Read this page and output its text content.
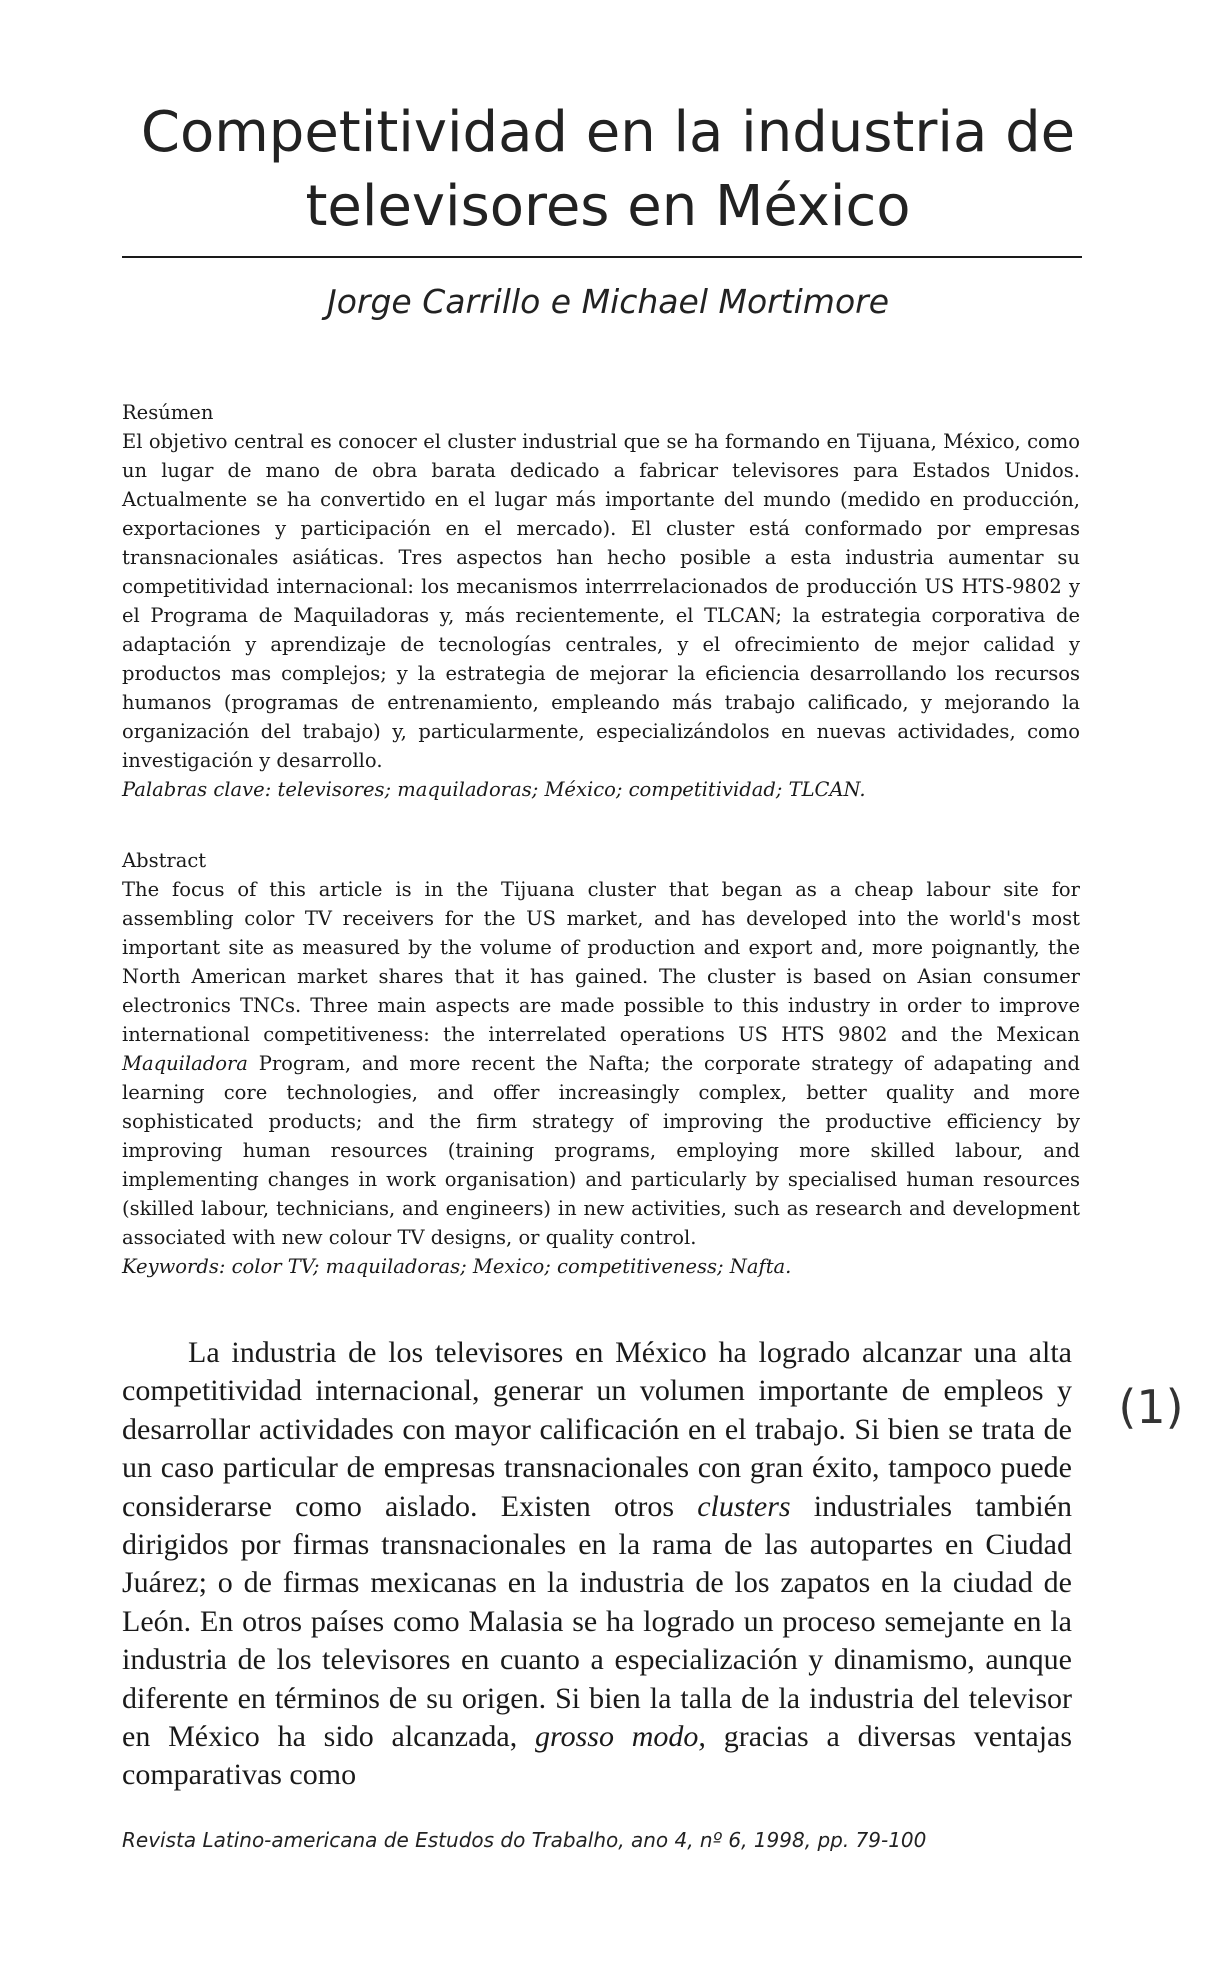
Competitividad en la industria de televisores en México
Jorge Carrillo e Michael Mortimore
Resúmen

El objetivo central es conocer el cluster industrial que se ha formando en Tijuana, México, como un lugar de mano de obra barata dedicado a fabricar televisores para Estados Unidos. Actualmente se ha convertido en el lugar más importante del mundo (medido en producción, exportaciones y participación en el mercado). El cluster está conformado por empresas transnacionales asiáticas. Tres aspectos han hecho posible a esta industria aumentar su competitividad internacional: los mecanismos interrrelacionados de producción US HTS-9802 y el Programa de Maquiladoras y, más recientemente, el TLCAN; la estrategia corporativa de adaptación y aprendizaje de tecnologías centrales, y el ofrecimiento de mejor calidad y productos mas complejos; y la estrategia de mejorar la eficiencia desarrollando los recursos humanos (programas de entrenamiento, empleando más trabajo calificado, y mejorando la organización del trabajo) y, particularmente, especializándolos en nuevas actividades, como investigación y desarrollo.

Palabras clave: televisores; maquiladoras; México; competitividad; TLCAN.

Abstract

The focus of this article is in the Tijuana cluster that began as a cheap labour site for assembling color TV receivers for the US market, and has developed into the world's most important site as measured by the volume of production and export and, more poignantly, the North American market shares that it has gained. The cluster is based on Asian consumer electronics TNCs. Three main aspects are made possible to this industry in order to improve international competitiveness: the interrelated operations US HTS 9802 and the Mexican Maquiladora Program, and more recent the Nafta; the corporate strategy of adapating and learning core technologies, and offer increasingly complex, better quality and more sophisticated products; and the firm strategy of improving the productive efficiency by improving human resources (training programs, employing more skilled labour, and implementing changes in work organisation) and particularly by specialised human resources (skilled labour, technicians, and engineers) in new activities, such as research and development associated with new colour TV designs, or quality control.

Keywords: color TV; maquiladoras; Mexico; competitiveness; Nafta.

La industria de los televisores en México ha logrado alcanzar una alta competitividad internacional, generar un volumen importante de empleos y desarrollar actividades con mayor calificación en el trabajo. Si bien se trata de un caso particular de empresas transnacionales con gran éxito, tampoco puede considerarse como aislado. Existen otros clusters industriales también dirigidos por firmas transnacionales en la rama de las autopartes en Ciudad Juárez; o de firmas mexicanas en la industria de los zapatos en la ciudad de León. En otros países como Malasia se ha logrado un proceso semejante en la industria de los televisores en cuanto a especialización y dinamismo, aunque diferente en términos de su origen. Si bien la talla de la industria del televisor en México ha sido alcanzada, grosso modo, gracias a diversas ventajas comparativas como

(1)
Revista Latino-americana de Estudos do Trabalho, ano 4, nº 6, 1998, pp. 79-100
